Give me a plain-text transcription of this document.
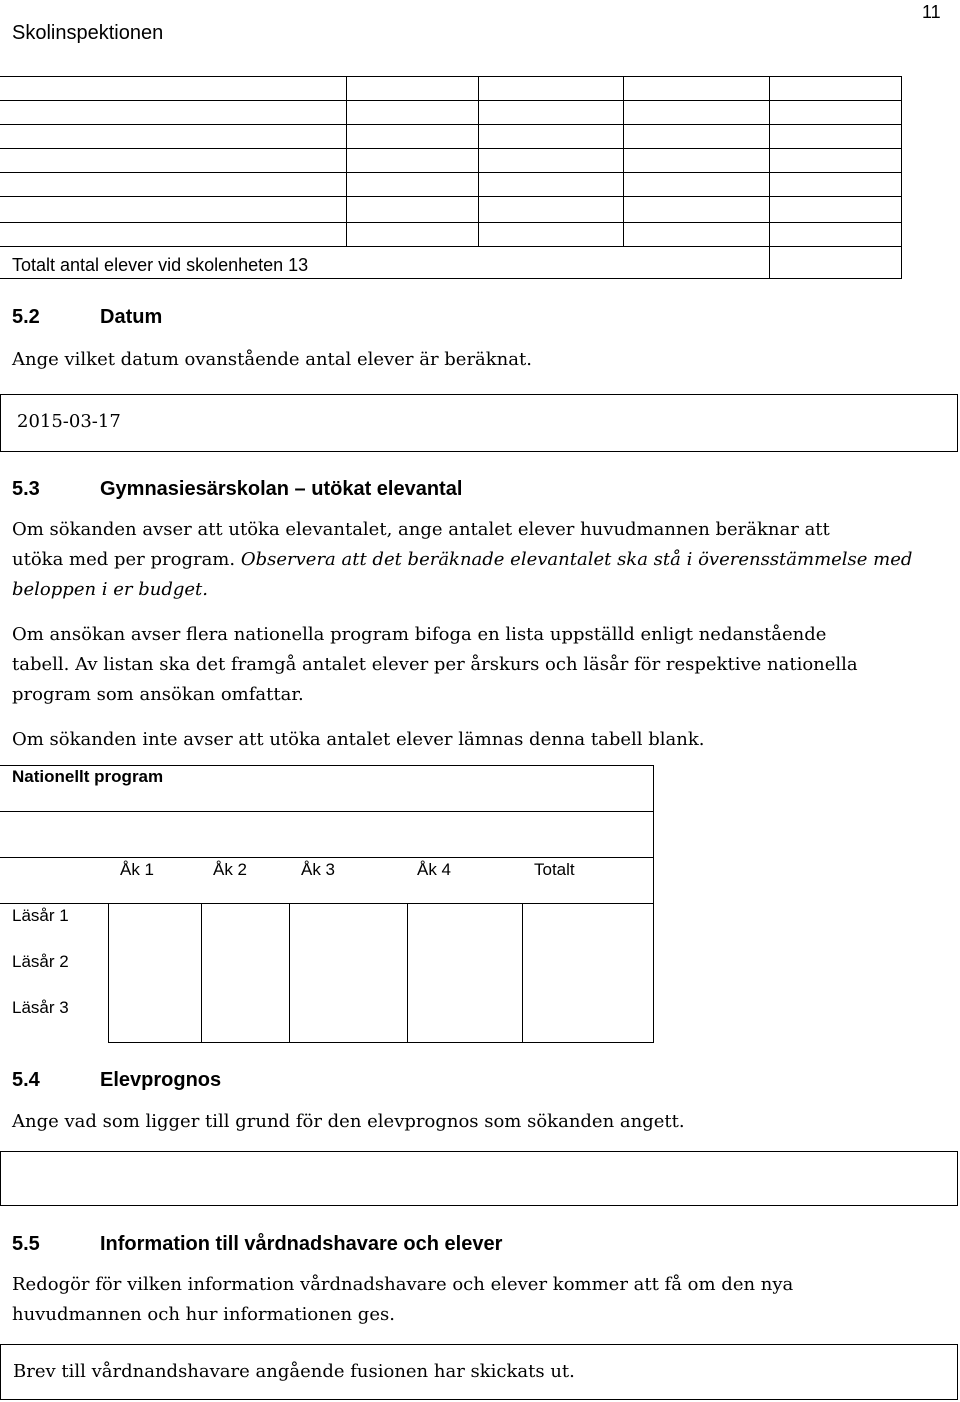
Skolinspektionen
11
Totalt antal elever vid skolenheten 13
5.2	Datum
Ange vilket datum ovanstående antal elever är beräknat.
2015-03-17
5.3	Gymnasiesärskolan – utökat elevantal
Om sökanden avser att utöka elevantalet, ange antalet elever huvudmannen beräknar att
utöka med per program. Observera att det beräknade elevantalet ska stå i överensstämmelse med
beloppen i er budget.
Om ansökan avser flera nationella program bifoga en lista uppställd enligt nedanstående
tabell. Av listan ska det framgå antalet elever per årskurs och läsår för respektive nationella
program som ansökan omfattar.
Om sökanden inte avser att utöka antalet elever lämnas denna tabell blank.
Nationellt program
Åk 1	Åk 2	Åk 3	Åk 4	Totalt
Läsår 1
Läsår 2
Läsår 3
5.4	Elevprognos
Ange vad som ligger till grund för den elevprognos som sökanden angett.
5.5	Information till vårdnadshavare och elever
Redogör för vilken information vårdnadshavare och elever kommer att få om den nya
huvudmannen och hur informationen ges.
Brev till vårdnandshavare angående fusionen har skickats ut.
